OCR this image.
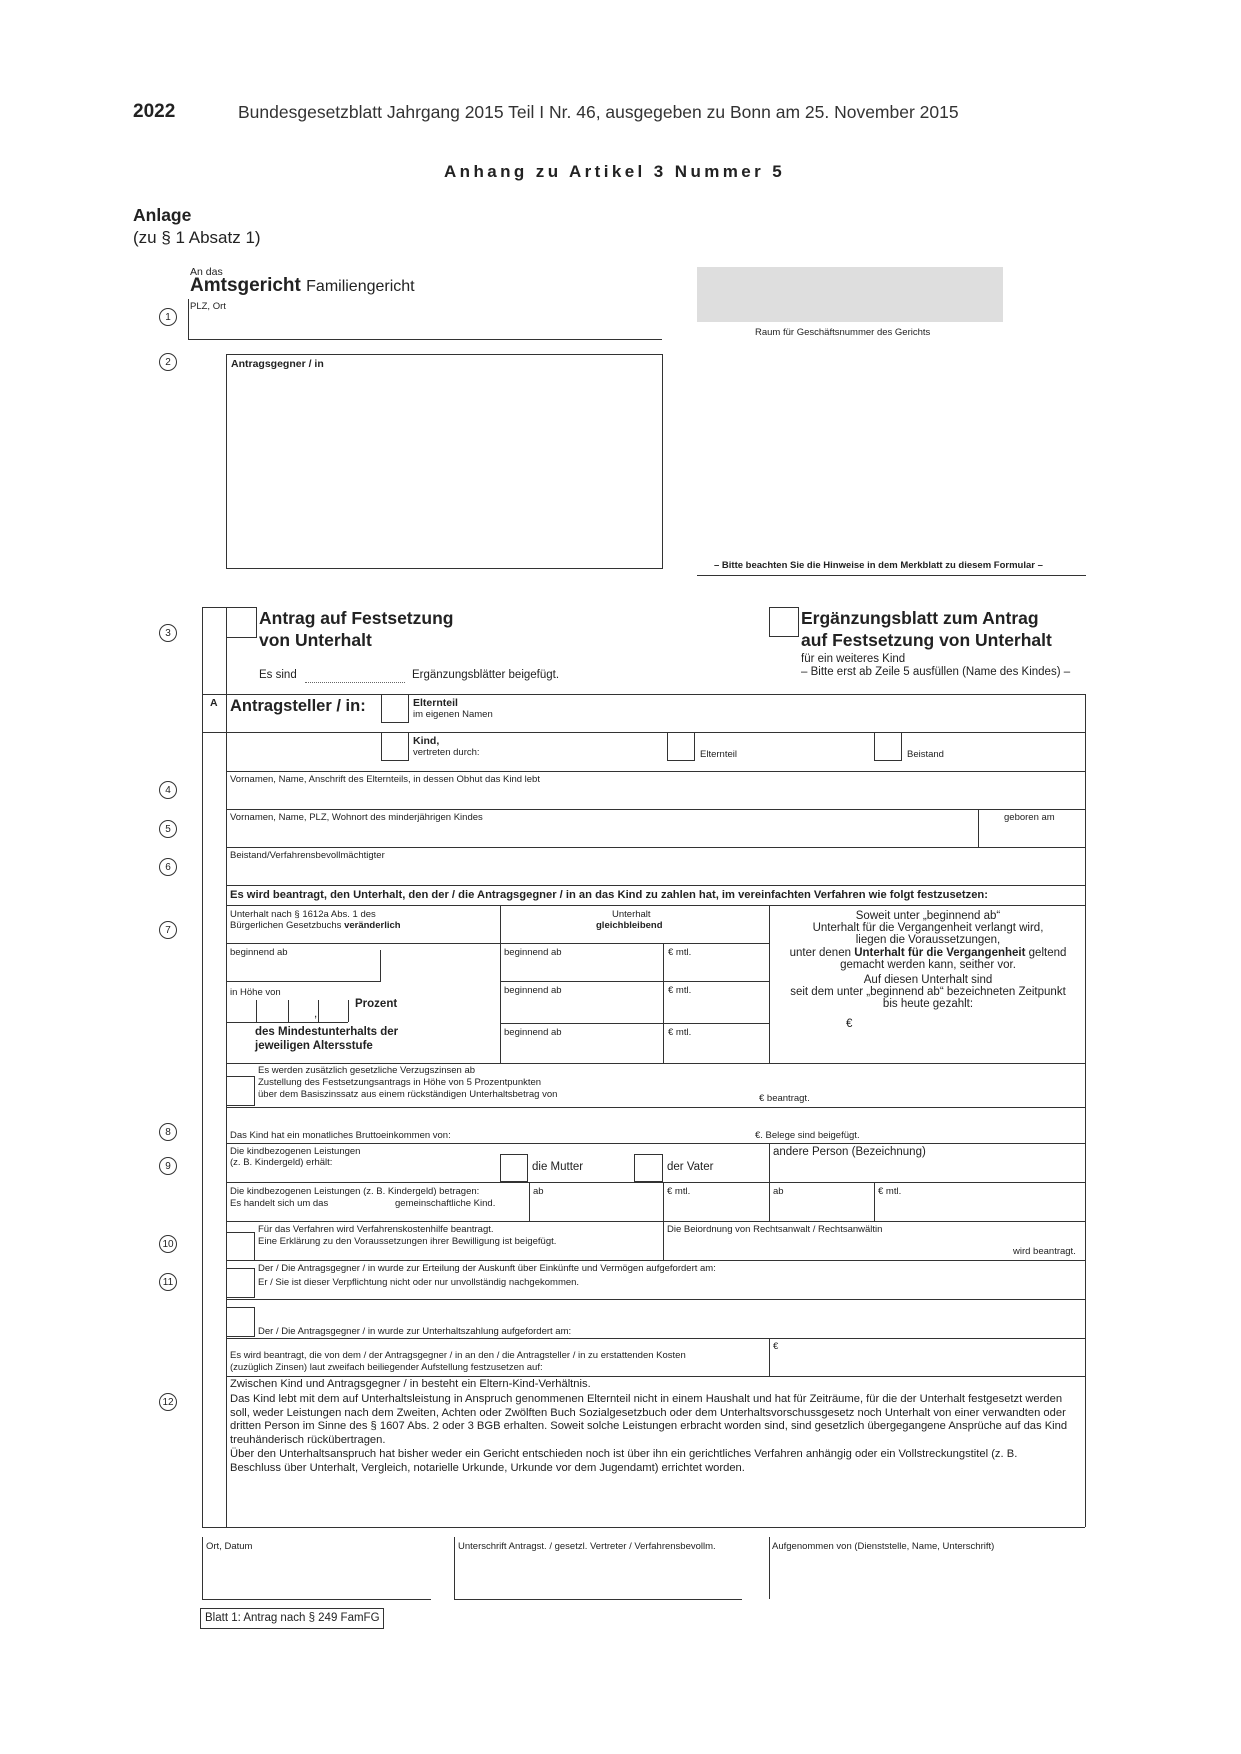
2022	Bundesgesetzblatt Jahrgang 2015 Teil I Nr. 46, ausgegeben zu Bonn am 25. November 2015
Anhang zu Artikel 3 Nummer 5
Anlage
(zu § 1 Absatz 1)
An das
Amtsgericht Familiengericht
PLZ, Ort
Raum für Geschäftsnummer des Gerichts
Antragsgegner / in
– Bitte beachten Sie die Hinweise in dem Merkblatt zu diesem Formular –
1
2
3
4
5
6
7
8
9
10
11
12
Antrag auf Festsetzung
von Unterhalt
Ergänzungsblatt zum Antrag
auf Festsetzung von Unterhalt
für ein weiteres Kind
– Bitte erst ab Zeile 5 ausfüllen (Name des Kindes) –
Es sind	Ergänzungsblätter beigefügt.
A Antragsteller / in:	Elternteil
im eigenen Namen
Kind,
vertreten durch:	Elternteil	Beistand
Vornamen, Name, Anschrift des Elternteils, in dessen Obhut das Kind lebt
Vornamen, Name, PLZ, Wohnort des minderjährigen Kindes	geboren am
Beistand/Verfahrensbevollmächtigter
Es wird beantragt, den Unterhalt, den der / die Antragsgegner / in an das Kind zu zahlen hat, im vereinfachten Verfahren wie folgt festzusetzen:
Unterhalt nach § 1612a Abs. 1 des
Bürgerlichen Gesetzbuchs veränderlich
Unterhalt
gleichbleibend
beginnend ab
in Höhe von
,
Prozent
des Mindestunterhalts der
jeweiligen Altersstufe
beginnend ab	€ mtl.
beginnend ab	€ mtl.
beginnend ab	€ mtl.
Soweit unter „beginnend ab“
Unterhalt für die Vergangenheit verlangt wird,
liegen die Voraussetzungen,
unter denen Unterhalt für die Vergangenheit geltend
gemacht werden kann, seither vor.
Auf diesen Unterhalt sind
seit dem unter „beginnend ab“ bezeichneten Zeitpunkt
bis heute gezahlt:
€
Es werden zusätzlich gesetzliche Verzugszinsen ab
Zustellung des Festsetzungsantrags in Höhe von 5 Prozentpunkten
über dem Basiszinssatz aus einem rückständigen Unterhaltsbetrag von	€ beantragt.
Das Kind hat ein monatliches Bruttoeinkommen von:	€. Belege sind beigefügt.
Die kindbezogenen Leistungen
(z. B. Kindergeld) erhält:	die Mutter	der Vater
andere Person (Bezeichnung)
Die kindbezogenen Leistungen (z. B. Kindergeld) betragen:
Es handelt sich um das	gemeinschaftliche Kind.
ab	€ mtl.	ab	€ mtl.
Für das Verfahren wird Verfahrenskostenhilfe beantragt.
Eine Erklärung zu den Voraussetzungen ihrer Bewilligung ist beigefügt.
Die Beiordnung von Rechtsanwalt / Rechtsanwältin
wird beantragt.
Der / Die Antragsgegner / in wurde zur Erteilung der Auskunft über Einkünfte und Vermögen aufgefordert am:
Er / Sie ist dieser Verpflichtung nicht oder nur unvollständig nachgekommen.
Der / Die Antragsgegner / in wurde zur Unterhaltszahlung aufgefordert am:
Es wird beantragt, die von dem / der Antragsgegner / in an den / die Antragsteller / in zu erstattenden Kosten
(zuzüglich Zinsen) laut zweifach beiliegender Aufstellung festzusetzen auf:
€
Zwischen Kind und Antragsgegner / in besteht ein Eltern-Kind-Verhältnis.
Das Kind lebt mit dem auf Unterhaltsleistung in Anspruch genommenen Elternteil nicht in einem Haushalt und hat für Zeiträume, für die der Unterhalt festgesetzt werden soll, weder Leistungen nach dem Zweiten, Achten oder Zwölften Buch Sozialgesetzbuch oder dem Unterhaltsvorschussgesetz noch Unterhalt von einer verwandten oder dritten Person im Sinne des § 1607 Abs. 2 oder 3 BGB erhalten. Soweit solche Leistungen erbracht worden sind, sind gesetzlich übergegangene Ansprüche auf das Kind treuhänderisch rückübertragen.
Über den Unterhaltsanspruch hat bisher weder ein Gericht entschieden noch ist über ihn ein gerichtliches Verfahren anhängig oder ein Vollstreckungstitel (z. B. Beschluss über Unterhalt, Vergleich, notarielle Urkunde, Urkunde vor dem Jugendamt) errichtet worden.
Ort, Datum	Unterschrift Antragst. / gesetzl. Vertreter / Verfahrensbevollm.	Aufgenommen von (Dienststelle, Name, Unterschrift)
Blatt 1: Antrag nach § 249 FamFG
